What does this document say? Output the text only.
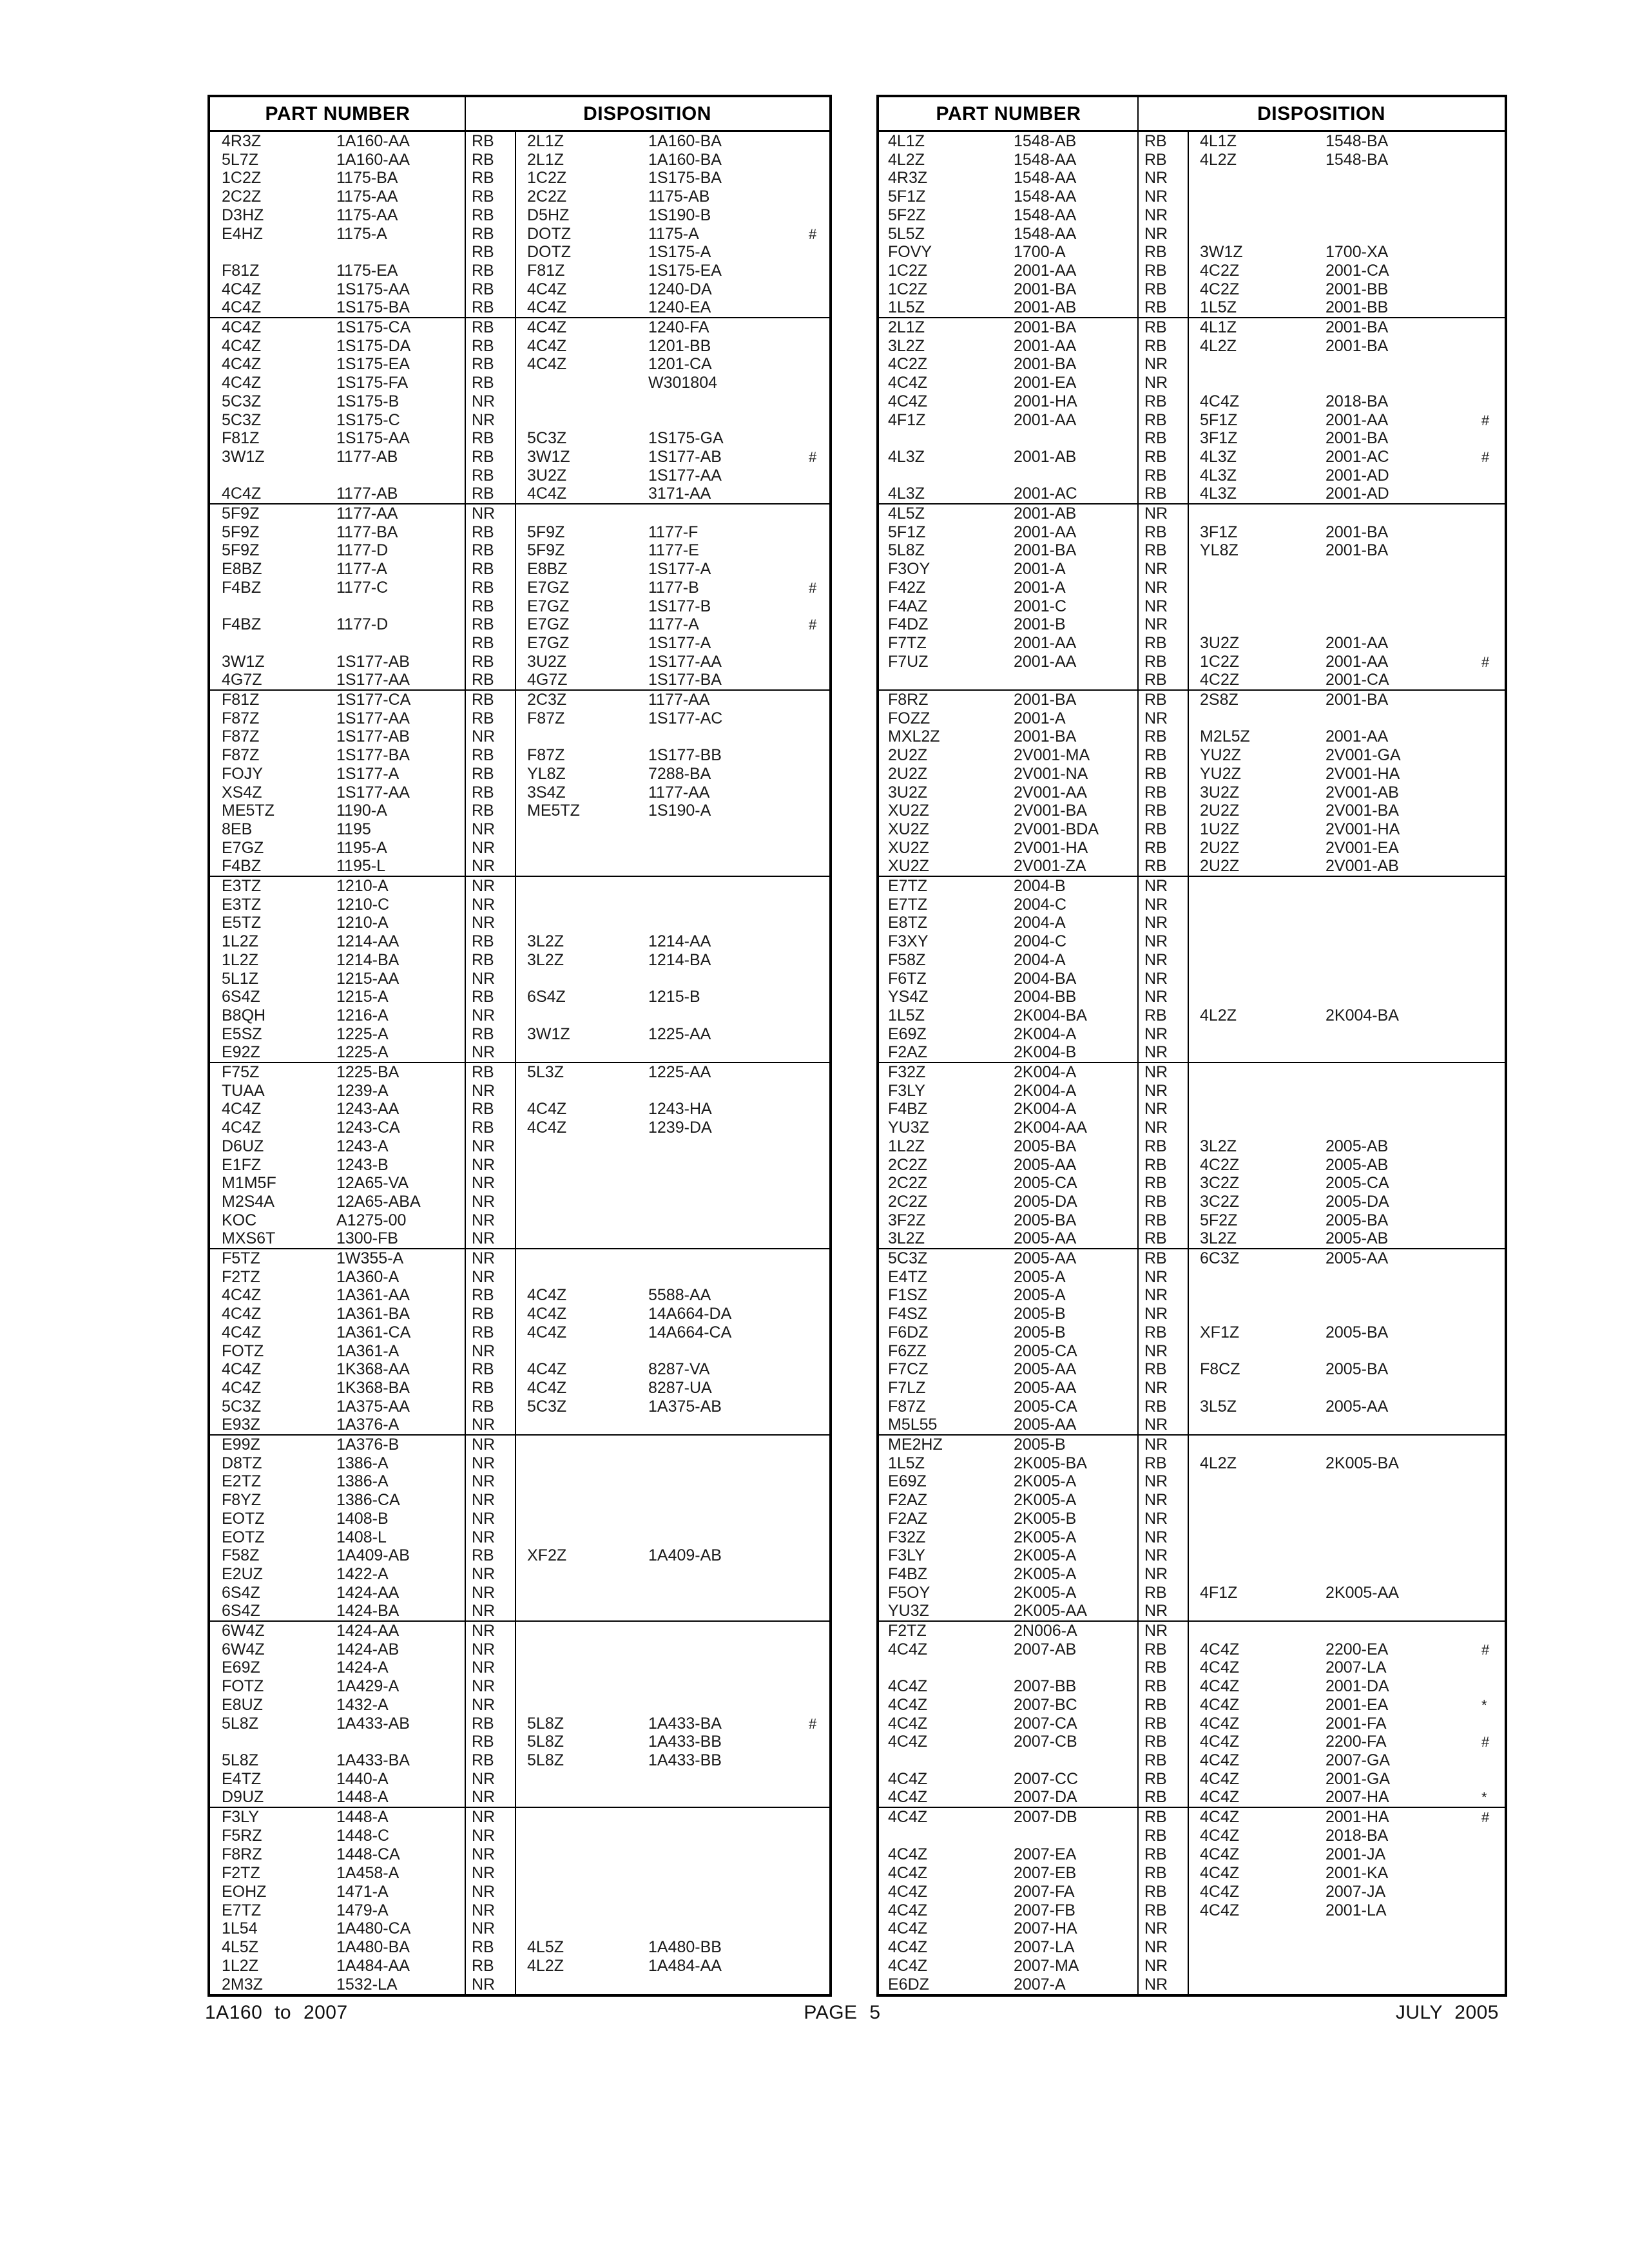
PART NUMBER	DISPOSITION
4R3Z	1A160-AA	RB	2L1Z	1A160-BA
5L7Z	1A160-AA	RB	2L1Z	1A160-BA
1C2Z	1175-BA	RB	1C2Z	1S175-BA
2C2Z	1175-AA	RB	2C2Z	1175-AB
D3HZ	1175-AA	RB	D5HZ	1S190-B
E4HZ	1175-A	RB	DOTZ	1175-A	#
RB	DOTZ	1S175-A
F81Z	1175-EA	RB	F81Z	1S175-EA
4C4Z	1S175-AA	RB	4C4Z	1240-DA
4C4Z	1S175-BA	RB	4C4Z	1240-EA
4C4Z	1S175-CA	RB	4C4Z	1240-FA
4C4Z	1S175-DA	RB	4C4Z	1201-BB
4C4Z	1S175-EA	RB	4C4Z	1201-CA
4C4Z	1S175-FA	RB	W301804
5C3Z	1S175-B	NR
5C3Z	1S175-C	NR
F81Z	1S175-AA	RB	5C3Z	1S175-GA
3W1Z	1177-AB	RB	3W1Z	1S177-AB	#
RB	3U2Z	1S177-AA
4C4Z	1177-AB	RB	4C4Z	3171-AA
5F9Z	1177-AA	NR
5F9Z	1177-BA	RB	5F9Z	1177-F
5F9Z	1177-D	RB	5F9Z	1177-E
E8BZ	1177-A	RB	E8BZ	1S177-A
F4BZ	1177-C	RB	E7GZ	1177-B	#
RB	E7GZ	1S177-B
F4BZ	1177-D	RB	E7GZ	1177-A	#
RB	E7GZ	1S177-A
3W1Z	1S177-AB	RB	3U2Z	1S177-AA
4G7Z	1S177-AA	RB	4G7Z	1S177-BA
F81Z	1S177-CA	RB	2C3Z	1177-AA
F87Z	1S177-AA	RB	F87Z	1S177-AC
F87Z	1S177-AB	NR
F87Z	1S177-BA	RB	F87Z	1S177-BB
FOJY	1S177-A	RB	YL8Z	7288-BA
XS4Z	1S177-AA	RB	3S4Z	1177-AA
ME5TZ	1190-A	RB	ME5TZ	1S190-A
8EB	1195	NR
E7GZ	1195-A	NR
F4BZ	1195-L	NR
E3TZ	1210-A	NR
E3TZ	1210-C	NR
E5TZ	1210-A	NR
1L2Z	1214-AA	RB	3L2Z	1214-AA
1L2Z	1214-BA	RB	3L2Z	1214-BA
5L1Z	1215-AA	NR
6S4Z	1215-A	RB	6S4Z	1215-B
B8QH	1216-A	NR
E5SZ	1225-A	RB	3W1Z	1225-AA
E92Z	1225-A	NR
F75Z	1225-BA	RB	5L3Z	1225-AA
TUAA	1239-A	NR
4C4Z	1243-AA	RB	4C4Z	1243-HA
4C4Z	1243-CA	RB	4C4Z	1239-DA
D6UZ	1243-A	NR
E1FZ	1243-B	NR
M1M5F	12A65-VA	NR
M2S4A	12A65-ABA	NR
KOC	A1275-00	NR
MXS6T	1300-FB	NR
F5TZ	1W355-A	NR
F2TZ	1A360-A	NR
4C4Z	1A361-AA	RB	4C4Z	5588-AA
4C4Z	1A361-BA	RB	4C4Z	14A664-DA
4C4Z	1A361-CA	RB	4C4Z	14A664-CA
FOTZ	1A361-A	NR
4C4Z	1K368-AA	RB	4C4Z	8287-VA
4C4Z	1K368-BA	RB	4C4Z	8287-UA
5C3Z	1A375-AA	RB	5C3Z	1A375-AB
E93Z	1A376-A	NR
E99Z	1A376-B	NR
D8TZ	1386-A	NR
E2TZ	1386-A	NR
F8YZ	1386-CA	NR
EOTZ	1408-B	NR
EOTZ	1408-L	NR
F58Z	1A409-AB	RB	XF2Z	1A409-AB
E2UZ	1422-A	NR
6S4Z	1424-AA	NR
6S4Z	1424-BA	NR
6W4Z	1424-AA	NR
6W4Z	1424-AB	NR
E69Z	1424-A	NR
FOTZ	1A429-A	NR
E8UZ	1432-A	NR
5L8Z	1A433-AB	RB	5L8Z	1A433-BA	#
RB	5L8Z	1A433-BB
5L8Z	1A433-BA	RB	5L8Z	1A433-BB
E4TZ	1440-A	NR
D9UZ	1448-A	NR
F3LY	1448-A	NR
F5RZ	1448-C	NR
F8RZ	1448-CA	NR
F2TZ	1A458-A	NR
EOHZ	1471-A	NR
E7TZ	1479-A	NR
1L54	1A480-CA	NR
4L5Z	1A480-BA	RB	4L5Z	1A480-BB
1L2Z	1A484-AA	RB	4L2Z	1A484-AA
2M3Z	1532-LA	NR
PART NUMBER	DISPOSITION
4L1Z	1548-AB	RB	4L1Z	1548-BA
4L2Z	1548-AA	RB	4L2Z	1548-BA
4R3Z	1548-AA	NR
5F1Z	1548-AA	NR
5F2Z	1548-AA	NR
5L5Z	1548-AA	NR
FOVY	1700-A	RB	3W1Z	1700-XA
1C2Z	2001-AA	RB	4C2Z	2001-CA
1C2Z	2001-BA	RB	4C2Z	2001-BB
1L5Z	2001-AB	RB	1L5Z	2001-BB
2L1Z	2001-BA	RB	4L1Z	2001-BA
3L2Z	2001-AA	RB	4L2Z	2001-BA
4C2Z	2001-BA	NR
4C4Z	2001-EA	NR
4C4Z	2001-HA	RB	4C4Z	2018-BA
4F1Z	2001-AA	RB	5F1Z	2001-AA	#
RB	3F1Z	2001-BA
4L3Z	2001-AB	RB	4L3Z	2001-AC	#
RB	4L3Z	2001-AD
4L3Z	2001-AC	RB	4L3Z	2001-AD
4L5Z	2001-AB	NR
5F1Z	2001-AA	RB	3F1Z	2001-BA
5L8Z	2001-BA	RB	YL8Z	2001-BA
F3OY	2001-A	NR
F42Z	2001-A	NR
F4AZ	2001-C	NR
F4DZ	2001-B	NR
F7TZ	2001-AA	RB	3U2Z	2001-AA
F7UZ	2001-AA	RB	1C2Z	2001-AA	#
RB	4C2Z	2001-CA
F8RZ	2001-BA	RB	2S8Z	2001-BA
FOZZ	2001-A	NR
MXL2Z	2001-BA	RB	M2L5Z	2001-AA
2U2Z	2V001-MA	RB	YU2Z	2V001-GA
2U2Z	2V001-NA	RB	YU2Z	2V001-HA
3U2Z	2V001-AA	RB	3U2Z	2V001-AB
XU2Z	2V001-BA	RB	2U2Z	2V001-BA
XU2Z	2V001-BDA	RB	1U2Z	2V001-HA
XU2Z	2V001-HA	RB	2U2Z	2V001-EA
XU2Z	2V001-ZA	RB	2U2Z	2V001-AB
E7TZ	2004-B	NR
E7TZ	2004-C	NR
E8TZ	2004-A	NR
F3XY	2004-C	NR
F58Z	2004-A	NR
F6TZ	2004-BA	NR
YS4Z	2004-BB	NR
1L5Z	2K004-BA	RB	4L2Z	2K004-BA
E69Z	2K004-A	NR
F2AZ	2K004-B	NR
F32Z	2K004-A	NR
F3LY	2K004-A	NR
F4BZ	2K004-A	NR
YU3Z	2K004-AA	NR
1L2Z	2005-BA	RB	3L2Z	2005-AB
2C2Z	2005-AA	RB	4C2Z	2005-AB
2C2Z	2005-CA	RB	3C2Z	2005-CA
2C2Z	2005-DA	RB	3C2Z	2005-DA
3F2Z	2005-BA	RB	5F2Z	2005-BA
3L2Z	2005-AA	RB	3L2Z	2005-AB
5C3Z	2005-AA	RB	6C3Z	2005-AA
E4TZ	2005-A	NR
F1SZ	2005-A	NR
F4SZ	2005-B	NR
F6DZ	2005-B	RB	XF1Z	2005-BA
F6ZZ	2005-CA	NR
F7CZ	2005-AA	RB	F8CZ	2005-BA
F7LZ	2005-AA	NR
F87Z	2005-CA	RB	3L5Z	2005-AA
M5L55	2005-AA	NR
ME2HZ	2005-B	NR
1L5Z	2K005-BA	RB	4L2Z	2K005-BA
E69Z	2K005-A	NR
F2AZ	2K005-A	NR
F2AZ	2K005-B	NR
F32Z	2K005-A	NR
F3LY	2K005-A	NR
F4BZ	2K005-A	NR
F5OY	2K005-A	RB	4F1Z	2K005-AA
YU3Z	2K005-AA	NR
F2TZ	2N006-A	NR
4C4Z	2007-AB	RB	4C4Z	2200-EA	#
RB	4C4Z	2007-LA
4C4Z	2007-BB	RB	4C4Z	2001-DA
4C4Z	2007-BC	RB	4C4Z	2001-EA	*
4C4Z	2007-CA	RB	4C4Z	2001-FA
4C4Z	2007-CB	RB	4C4Z	2200-FA	#
RB	4C4Z	2007-GA
4C4Z	2007-CC	RB	4C4Z	2001-GA
4C4Z	2007-DA	RB	4C4Z	2007-HA	*
4C4Z	2007-DB	RB	4C4Z	2001-HA	#
RB	4C4Z	2018-BA
4C4Z	2007-EA	RB	4C4Z	2001-JA
4C4Z	2007-EB	RB	4C4Z	2001-KA
4C4Z	2007-FA	RB	4C4Z	2007-JA
4C4Z	2007-FB	RB	4C4Z	2001-LA
4C4Z	2007-HA	NR
4C4Z	2007-LA	NR
4C4Z	2007-MA	NR
E6DZ	2007-A	NR
1A160 to 2007	PAGE 5	JULY 2005
